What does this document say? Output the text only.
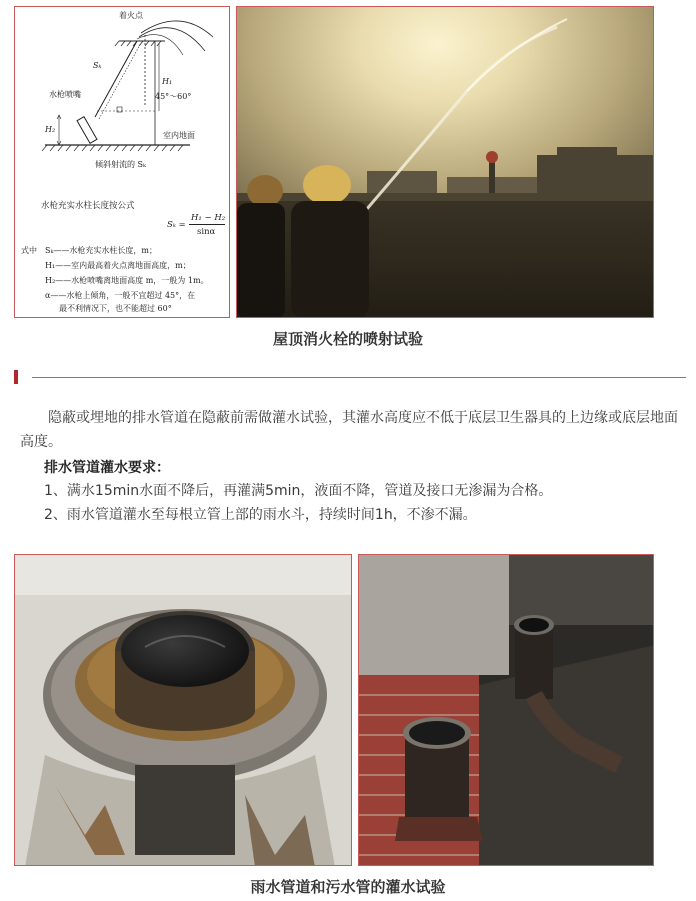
着火点
Sₖ
H₁
45°～60°
水枪喷嘴
H₂
室内地面
倾斜射流的 Sₖ
水枪充实水柱长度按公式
Sₖ =
H₁ − H₂
sinα
式中 Sₖ——水枪充实水柱长度，m；
H₁——室内最高着火点离地面高度，m；
H₂——水枪喷嘴离地面高度 m，一般为 1m。
α——水枪上倾角，一般不宜超过 45°，在
最不利情况下，也不能超过 60°
屋顶消火栓的喷射试验
隐蔽或埋地的排水管道在隐蔽前需做灌水试验，其灌水高度应不低于底层卫生器具的上边缘或底层地面高度。
排水管道灌水要求：
1、满水15min水面不降后，再灌满5min，液面不降，管道及接口无渗漏为合格。
2、雨水管道灌水至每根立管上部的雨水斗，持续时间1h，不渗不漏。
雨水管道和污水管的灌水试验
